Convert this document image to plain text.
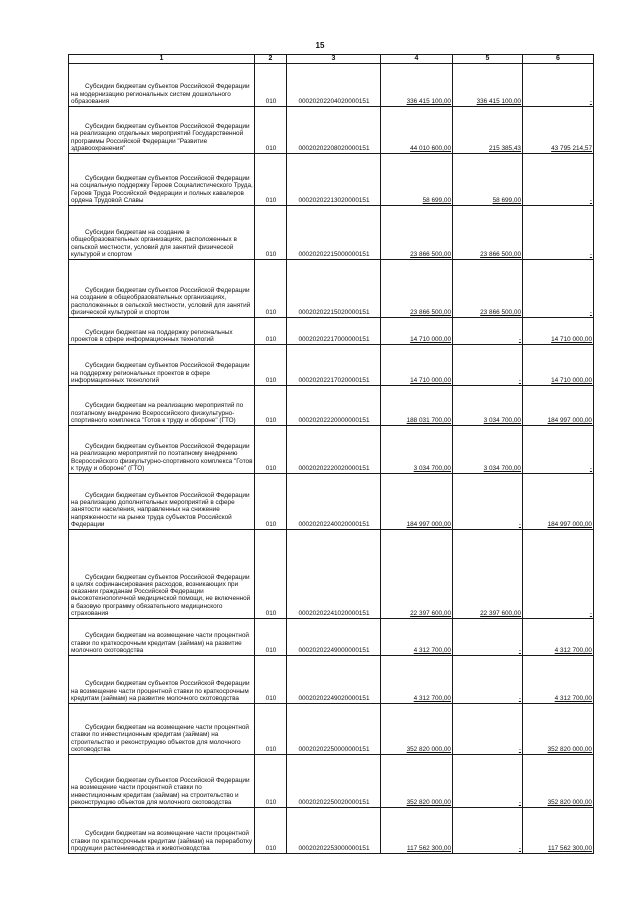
15
1	2	3	4	5	6

Субсидии бюджетам субъектов Российской Федерации на модернизацию региональных систем дошкольного образования	010	00020202204020000151	336 415 100,00	336 415 100,00	-

Субсидии бюджетам субъектов Российской Федерации на реализацию отдельных мероприятий Государственной программы Российской Федерации "Развитие здравоохранения"	010	00020202208020000151	44 010 600,00	215 385,43	43 795 214,57

Субсидии бюджетам субъектов Российской Федерации на социальную поддержку Героев Социалистического Труда, Героев Труда Российской Федерации и полных кавалеров ордена Трудовой Славы	010	00020202213020000151	58 699,00	58 699,00	-

Субсидии бюджетам на создание в общеобразовательных организациях, расположенных в сельской местности, условий для занятий физической культурой и спортом	010	00020202215000000151	23 866 500,00	23 866 500,00	-

Субсидии бюджетам субъектов Российской Федерации на создание в общеобразовательных организациях, расположенных в сельской местности, условий для занятий физической культурой и спортом	010	00020202215020000151	23 866 500,00	23 866 500,00	-

Субсидии бюджетам на поддержку региональных проектов в сфере информационных технологий	010	00020202217000000151	14 710 000,00	-	14 710 000,00

Субсидии бюджетам субъектов Российской Федерации на поддержку региональных проектов в сфере информационных технологий	010	00020202217020000151	14 710 000,00	-	14 710 000,00

Субсидии бюджетам на реализацию мероприятий по поэтапному внедрению Всероссийского физкультурно-спортивного комплекса "Готов к труду и обороне" (ГТО)	010	00020202220000000151	188 031 700,00	3 034 700,00	184 997 000,00

Субсидии бюджетам субъектов Российской Федерации на реализацию мероприятий по поэтапному внедрению Всероссийского физкультурно-спортивного комплекса "Готов к труду и обороне" (ГТО)	010	00020202220020000151	3 034 700,00	3 034 700,00	-

Субсидии бюджетам субъектов Российской Федерации на реализацию дополнительных мероприятий в сфере занятости населения, направленных на снижение напряженности на рынке труда субъектов Российской Федерации	010	00020202240020000151	184 997 000,00	-	184 997 000,00

Субсидии бюджетам субъектов Российской Федерации в целях софинансирования расходов, возникающих при оказании гражданам Российской Федерации высокотехнологичной медицинской помощи, не включенной в базовую программу обязательного медицинского страхования	010	00020202241020000151	22 397 600,00	22 397 600,00	-

Субсидии бюджетам на возмещение части процентной ставки по краткосрочным кредитам (займам) на развитие молочного скотоводства	010	00020202249000000151	4 312 700,00	-	4 312 700,00

Субсидии бюджетам субъектов Российской Федерации на возмещение части процентной ставки по краткосрочным кредитам (займам) на развитие молочного скотоводства	010	00020202249020000151	4 312 700,00	-	4 312 700,00

Субсидии бюджетам на возмещение части процентной ставки по инвестиционным кредитам (займам) на строительство и реконструкцию объектов для молочного скотоводства	010	00020202250000000151	352 820 000,00	-	352 820 000,00

Субсидии бюджетам субъектов Российской Федерации на возмещение части процентной ставки по инвестиционным кредитам (займам) на строительство и реконструкцию объектов для молочного скотоводства	010	00020202250020000151	352 820 000,00	-	352 820 000,00

Субсидии бюджетам на возмещение части процентной ставки по краткосрочным кредитам (займам) на переработку продукции растениеводства и животноводства	010	00020202253000000151	117 562 300,00	-	117 562 300,00
